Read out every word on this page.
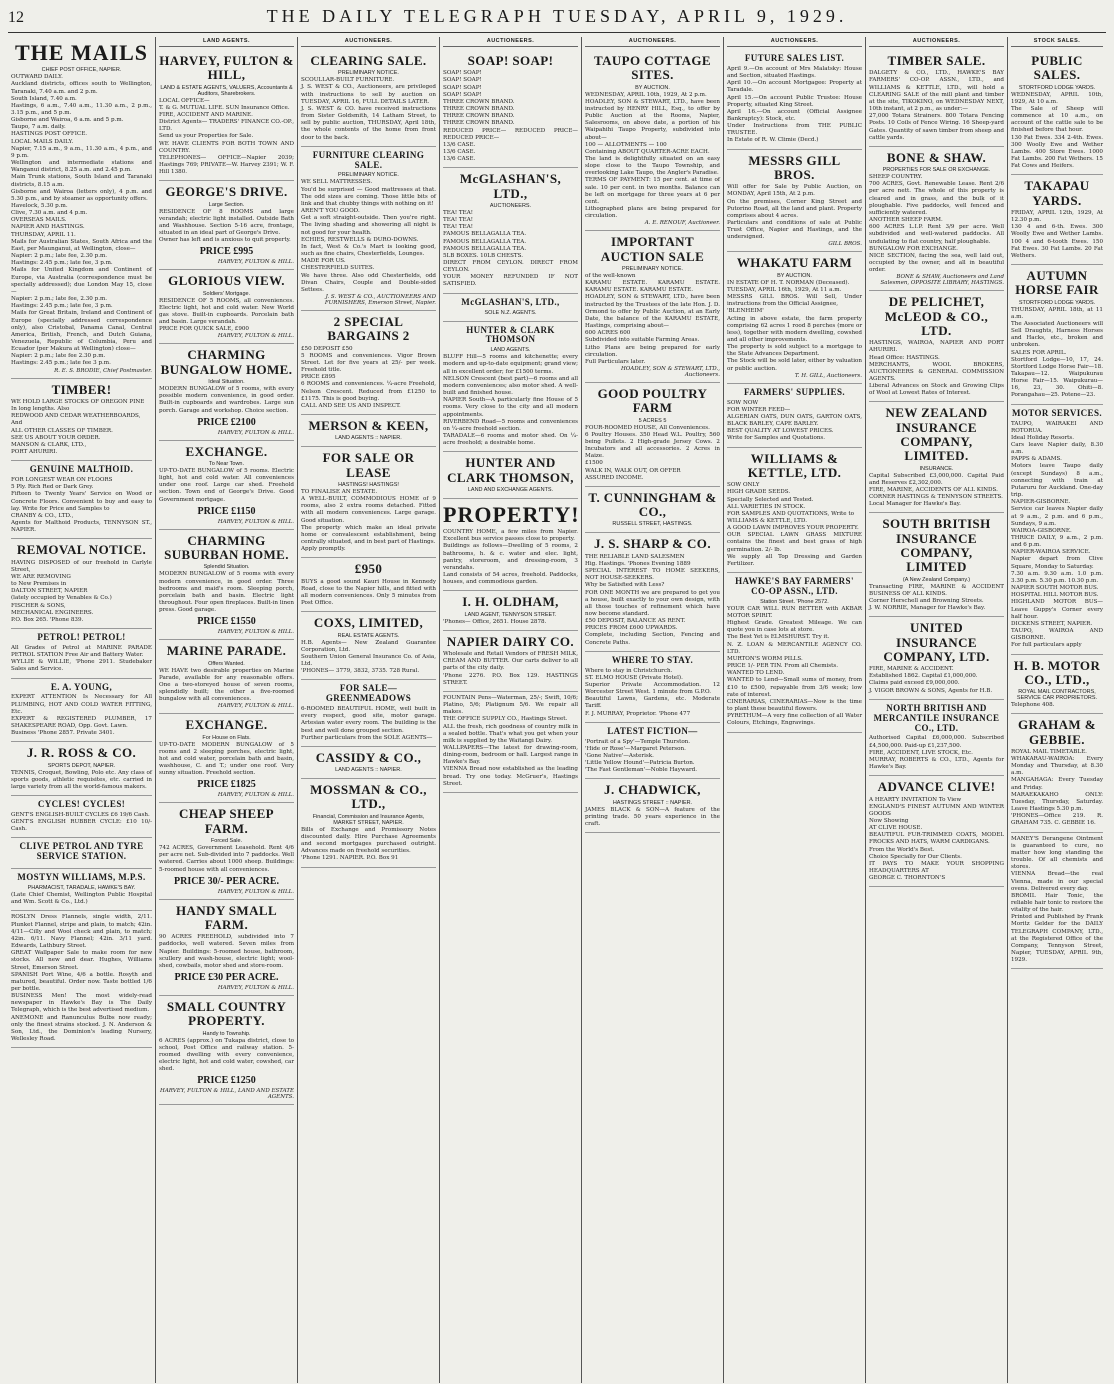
12	THE DAILY TELEGRAPH TUESDAY, APRIL 9, 1929.
THE MAILS
CHIEF POST OFFICE, NAPIER.

OUTWARD DAILY.

Auckland districts, offices south to Wellington, Taranaki, 7.40 a.m. and 2 p.m.

South Island, 7.40 a.m.

Hastings, 6 a.m., 7.40 a.m., 11.30 a.m., 2 p.m., 3.15 p.m., and 5 p.m.

Gisborne and Wairoa, 6 a.m. and 5 p.m.

Taupo, 7 a.m. daily.

HASTINGS POST OFFICE.

LOCAL MAILS DAILY.

Napier, 7.15 a.m., 9 a.m., 11.30 a.m., 4 p.m., and 9 p.m.

Wellington and intermediate stations and Wanganui district, 8.25 a.m. and 2.45 p.m.

Main Trunk stations, South Island and Taranaki districts, 8.15 a.m.

Gisborne and Wairoa (letters only), 4 p.m. and 5.30 p.m., and by steamer as opportunity offers.

Havelock, 5.30 p.m.

Clive, 7.30 a.m. and 4 p.m.

OVERSEAS MAILS.

NAPIER AND HASTINGS.

THURSDAY, APRIL 11.

Mails for Australian States, South Africa and the East, per Maunganui, at Wellington, close—

Napier: 2 p.m.; late fee, 2.30 p.m.

Hastings: 2.45 p.m.; late fee, 3 p.m.

Mails for United Kingdom and Continent of Europe, via Australia (correspondence must be specially addressed); due London May 15, close—

Napier: 2 p.m.; late fee, 2.30 p.m.

Hastings: 2.45 p.m.; late fee, 3 p.m.

Mails for Great Britain, Ireland and Continent of Europe (specially addressed correspondence only), also Cristobal, Panama Canal, Central America, British, French, and Dutch Guiana, Venezuela, Republic of Columbia, Peru and Ecuador (per Makura at Wellington) close—

Napier: 2 p.m.; late fee 2.30 p.m.

Hastings: 2.45 p.m.; late fee 3 p.m.

R. E. S. BRODIE, Chief Postmaster.
TIMBER!

WE HOLD LARGE STOCKS OF OREGON PINE

In long lengths. Also

REDWOOD AND CEDAR WEATHERBOARDS,

And

ALL OTHER CLASSES OF TIMBER.

SEE US ABOUT YOUR ORDER.

MANSON & CLARK, LTD.,

PORT AHURIRI.

GENUINE MALTHOID.

FOR LONGEST WEAR ON FLOORS

5 Ply. Rich Red or Dark Grey.

Fifteen to Twenty Years' Service on Wood or Concrete Floors. Convenient to buy and easy to lay. Write for Price and Samples to

CRANBY & CO., LTD.,

Agents for Malthoid Products, TENNYSON ST., NAPIER.

REMOVAL NOTICE.

HAVING DISPOSED of our freehold in Carlyle Street,

WE ARE REMOVING

to New Premises in

DALTON STREET, NAPIER

(lately occupied by Venables & Co.)

FISCHER & SONS,

MECHANICAL ENGINEERS.

P.O. Box 265. 'Phone 839.

PETROL! PETROL!

All Grades of Petrol at MARINE PARADE PETROL STATION Free Air and Battery Water.

WYLLIE & WILLIE, 'Phone 2911. Studebaker Sales and Service.

E. A. YOUNG,

EXPERT ATTENTION Is Necessary for All PLUMBING, HOT AND COLD WATER FITTING, Etc.

EXPERT & REGISTERED PLUMBER, 17 SHAKESPEARE ROAD, Opp. Govt. Lawn.

Business 'Phone 2857. Private 3401.

J. R. ROSS & CO.
SPORTS DEPOT, NAPIER.

TENNIS, Croquet, Bowling, Polo etc. Any class of sports goods, athletic requisites, etc. carried in large variety from all the world-famous makers.

CYCLES! CYCLES!

GENT'S ENGLISH-BUILT CYCLES £6 19/6 Cash.

GENT'S ENGLISH RUBBER CYCLE: £10 10/- Cash.

CLIVE PETROL AND TYRE SERVICE STATION.
MOSTYN WILLIAMS, M.P.S.
PHARMACIST, TARADALE, HAWKE'S BAY.

(Late Chief Chemist, Wellington Public Hospital and Wm. Scott & Co., Ltd.)

ROSLYN Dress Flannels, single width, 2/11. Plunket Flannel, stripe and plain, to match; 42in. 4/11—Cilly and Wool check and plain, to match; 42in. 6/11. Navy Flannel; 42in. 3/11 yard. Edwards, Lathbury Street.

GREAT Wallpaper Sale to make room for new stocks. All new and dear. Hughes, Williams Street, Emerson Street.

SPANISH Port Wine, 4/6 a bottle. Rosyth and matured, beautiful. Order now. Taste bottled 1/6 per bottle.

BUSINESS Men! The most widely-read newspaper in Hawke's Bay is The Daily Telegraph, which is the best advertised medium.

ANEMONE and Ranunculus Bulbs now ready; only the finest strains stocked. J. N. Anderson & Son, Ltd., the Dominion's leading Nursery, Wellesley Road.

LAND AGENTS.
HARVEY, FULTON & HILL,
LAND & ESTATE AGENTS, VALUERS, Accountants & Auditors, Sharebrokers.

LOCAL OFFICE—

T. & G. MUTUAL LIFE. SUN Insurance Office.

FIRE, ACCIDENT AND MARINE.

District Agents— TRADERS' FINANCE CO.-OP., LTD.

Send us your Properties for Sale.

WE HAVE CLIENTS FOR BOTH TOWN AND COUNTRY.

TELEPHONES— OFFICE—Napier 2039; Hastings 769; PRIVATE—W. Harvey 2391; W. F. Hill 1380.

GEORGE'S DRIVE.
Large Section.

RESIDENCE OF 8 ROOMS and large verandah; electric light installed. Outside Bath and Washhouse. Section 5-16 acre, frontage, situated in an ideal part of George's Drive.

Owner has left and is anxious to quit property.

PRICE £995
HARVEY, FULTON & HILL.
GLORIOUS VIEW.
Soldiers' Mortgage.

RESIDENCE OF 5 ROOMS, all conveniences. Electric light, hot and cold water. New World gas stove. Built-in cupboards. Porcelain bath and basin. Large verandah.

PRICE FOR QUICK SALE, £900

HARVEY, FULTON & HILL.
CHARMING BUNGALOW HOME.
Ideal Situation.

MODERN BUNGALOW of 5 rooms, with every possible modern convenience, in good order. Built-in cupboards and wardrobes. Large sun porch. Garage and workshop. Choice section.

PRICE £2100
HARVEY, FULTON & HILL.
EXCHANGE.
To Near Town.

UP-TO-DATE BUNGALOW of 5 rooms. Electric light, hot and cold water. All conveniences under one roof. Large car shed. Freehold section. Town end of George's Drive. Good Government mortgage.

PRICE £1150
HARVEY, FULTON & HILL.
CHARMING SUBURBAN HOME.
Splendid Situation.

MODERN BUNGALOW of 5 rooms with every modern convenience, in good order. Three bedrooms and maid's room. Sleeping porch, porcelain bath and basin. Electric light throughout. Four open fireplaces. Built-in linen press. Good garage.

PRICE £1550
HARVEY, FULTON & HILL.
MARINE PARADE.
Offers Wanted.

WE HAVE two desirable properties on Marine Parade, available for any reasonable offers. One a two-storeyed house of seven rooms, splendidly built; the other a five-roomed bungalow with all conveniences.

HARVEY, FULTON & HILL.
EXCHANGE.
For House on Flats.

UP-TO-DATE MODERN BUNGALOW of 5 rooms and 2 sleeping porches, electric light, hot and cold water, porcelain bath and basin, washhouse, C. and T.; under one roof. Very sunny situation. Freehold section.

PRICE £1825
HARVEY, FULTON & HILL.
CHEAP SHEEP FARM.
Forced Sale.

742 ACRES, Government Leasehold. Rent 4/6 per acre net. Sub-divided into 7 paddocks. Well watered. Carries about 1000 sheep. Buildings: 5-roomed house with all conveniences.

PRICE 30/- PER ACRE.
HARVEY, FULTON & HILL.
HANDY SMALL FARM.

90 ACRES FREEHOLD, subdivided into 7 paddocks, well watered. Seven miles from Napier. Buildings: 5-roomed house, bathroom, scullery and wash-house, electric light; wool-shed, cowbails, motor shed and store-room.

PRICE £30 PER ACRE.
HARVEY, FULTON & HILL.
SMALL COUNTRY PROPERTY.
Handy to Township.

6 ACRES (approx.) on Tukapa district, close to school, Post Office and railway station. 5-roomed dwelling with every convenience, electric light, hot and cold water, cowshed, car shed.

PRICE £1250
HARVEY, FULTON & HILL, LAND AND ESTATE AGENTS.
AUCTIONEERS.
CLEARING SALE.
PRELIMINARY NOTICE.

SCOULLAR-BUILT FURNITURE.

J. S. WEST & CO., Auctioneers, are privileged with instructions to sell by auction on TUESDAY, APRIL 16, FULL DETAILS LATER.

J. S. WEST & CO. have received instructions from Sister Goldsmith, 14 Latham Street, to sell by public auction, THURSDAY, April 18th, the whole contents of the home from front door to the back.

FURNITURE CLEARING SALE.
PRELIMINARY NOTICE.

WE SELL MATTRESSES.

You'd be surprised — Good mattresses at that. The odd sizes are coming. Those little bits of link and that chubby things with nothing on it!

AREN'T YOU GOOD.

Get a soft straight-outside. Then you're right. The living shading and showering all night is not good for your health.

ECHIES, RESTWELLS & DURO-DOWNS.

In fact, West & Co.'s Mart is looking good, such as fine chairs, Chesterfields, Lounges.

MADE FOR US.

CHESTERFIELD SUITES.

We have three. Also odd Chesterfields, odd Divan Chairs, Couple and Double-sided Settees.

J. S. WEST & CO., AUCTIONEERS AND FURNISHERS, Emerson Street, Napier.
2 SPECIAL BARGAINS 2

£50 DEPOSIT £50

5 ROOMS and conveniences. Vigor Brown Street. Let for five years at 25/- per week. Freehold title.

PRICE £895

6 ROOMS and conveniences. ¼-acre Freehold, Nelson Crescent. Reduced from £1250 to £1175. This is good buying.

CALL AND SEE US AND INSPECT.

MERSON & KEEN,
LAND AGENTS :: NAPIER.
FOR SALE OR LEASE
HASTINGS! HASTINGS!

TO FINALISE AN ESTATE.

A WELL-BUILT, COMMODIOUS HOME of 9 rooms, also 2 extra rooms detached. Fitted with all modern conveniences. Large garage. Good situation.

The property which make an ideal private home or convalescent establishment, being centrally situated, and in best part of Hastings.

Apply promptly.

£950

BUYS a good sound Kauri House in Kennedy Road, close to the Napier hills, and fitted with all modern conveniences. Only 5 minutes from Post Office.

COXS, LIMITED,
REAL ESTATE AGENTS.

H.B. Agents— New Zealand Guarantee Corporation, Ltd.

Southern Union General Insurance Co. of Asia, Ltd.

'PHONES— 3779, 3832, 3735. 728 Rural.

FOR SALE—GREENMEADOWS

6-ROOMED BEAUTIFUL HOME, well built in every respect, good site, motor garage. Artesian water every room. The building is the best and well done grouped section.

Further particulars from the SOLE AGENTS—

CASSIDY & CO.,
LAND AGENTS :: NAPIER.
MOSSMAN & CO., LTD.,
Financial, Commission and Insurance Agents, MARKET STREET, NAPIER.

Bills of Exchange and Promissory Notes discounted daily. Hire Purchase Agreements and second mortgages purchased outright. Advances made on freehold securities.

'Phone 1291. NAPIER. P.O. Box 91

AUCTIONEERS.
SOAP! SOAP!

SOAP! SOAP!

SOAP! SOAP!

SOAP! SOAP!

SOAP! SOAP!

THREE CROWN BRAND.

THREE CROWN BRAND.

THREE CROWN BRAND.

THREE CROWN BRAND.

REDUCED PRICE— REDUCED PRICE— REDUCED PRICE—

13/6 CASE.

13/6 CASE.

13/6 CASE.

McGLASHAN'S, LTD.,
AUCTIONEERS.

TEA! TEA!

TEA! TEA!

TEA! TEA!

FAMOUS BELLAGALLA TEA.

FAMOUS BELLAGALLA TEA.

FAMOUS BELLAGALLA TEA.

5LB BOXES. 10LB CHESTS.

DIRECT FROM CEYLON. DIRECT FROM CEYLON.

YOUR MONEY REFUNDED IF NOT SATISFIED.

McGLASHAN'S, LTD.,
SOLE N.Z. AGENTS.
HUNTER & CLARK THOMSON
LAND AGENTS.

BLUFF Hill—5 rooms and kitchenette; every modern and up-to-date equipment; grand view; all in excellent order; for £1500 terms.

NELSON Crescent (best part)—6 rooms and all modern conveniences; also motor shed. A well-built and finished house.

NAPIER South—A particularly fine House of 5 rooms. Very close to the city and all modern appointments.

RIVERBEND Road—5 rooms and conveniences on ¼-acre freehold section.

TARADALE—6 rooms and motor shed. On ¼-acre freehold; a desirable home.

HUNTER AND CLARK THOMSON,
LAND AND EXCHANGE AGENTS.
PROPERTY!

COUNTRY HOME, a few miles from Napier. Excellent bus service passes close to property.

Buildings as follows—Dwelling of 5 rooms, 2 bathrooms, h. & c. water and elec. light, pantry, storeroom, and dressing-room, 3 verandahs.

Land consists of 54 acres, freehold. Paddocks, houses, and commodious garden.

I. H. OLDHAM,
LAND AGENT, TENNYSON STREET.

'Phones— Office, 2651. House 2878.

NAPIER DAIRY CO.

Wholesale and Retail Vendors of FRESH MILK, CREAM AND BUTTER. Our carts deliver to all parts of the city daily.

'Phone 2276. P.O. Box 129. HASTINGS STREET.

FOUNTAIN Pens—Waterman, 25/-; Swift, 10/6; Platino, 5/6; Platignum 5/6. We repair all makes.

THE OFFICE SUPPLY CO., Hastings Street.

ALL the fresh, rich goodness of country milk in a sealed bottle. That's what you get when your milk is supplied by the Waitangi Dairy.

WALLPAPERS—The latest for drawing-room, dining-room, bedroom or hall. Largest range in Hawke's Bay.

VIENNA Bread now established as the leading bread. Try one today. McGruer's, Hastings Street.

AUCTIONEERS.
TAUPO COTTAGE SITES.
BY AUCTION.

WEDNESDAY, APRIL 10th, 1929, At 2 p.m.

HOADLEY, SON & STEWART, LTD., have been instructed by HENRY HILL, Esq., to offer by Public Auction at the Rooms, Napier, Salesrooms, on above date, a portion of his Waipahihi Taupo Property, subdivided into about—

100 — ALLOTMENTS — 100

Containing ABOUT QUARTER-ACRE EACH.

The land is delightfully situated on an easy slope close to the Taupo Township, and overlooking Lake Taupo, the Angler's Paradise.

TERMS OF PAYMENT: 15 per cent. at time of sale. 10 per cent. in two months. Balance can be left on mortgage for three years at 6 per cent.

Lithographed plans are being prepared for circulation.

A. E. RENOUF, Auctioneer.
IMPORTANT AUCTION SALE
PRELIMINARY NOTICE.

of the well-known

KARAMU ESTATE. KARAMU ESTATE. KARAMU ESTATE. KARAMU ESTATE.

HOADLEY, SON & STEWART, LTD., have been instructed by the Trustees of the late Hon. J. D. Ormond to offer by Public Auction, at an Early Date, the balance of the KARAMU ESTATE, Hastings, comprising about—

600 ACRES 600

Subdivided into suitable Farming Areas.

Litho Plans are being prepared for early circulation.

Full Particulars later.

HOADLEY, SON & STEWART, LTD., Auctioneers.
GOOD POULTRY FARM
5 ACRES 5

FOUR-ROOMED HOUSE, All Conveniences.

6 Poultry Houses. 350 Head W.L. Poultry, 560 being Pullets. 2 High-grade Jersey Cows. 2 Incubators and all accessories. 2 Acres in Maize.

£1500

WALK IN, WALK OUT, OR OFFER

ASSURED INCOME.

T. CUNNINGHAM & CO.,
RUSSELL STREET, HASTINGS.
J. S. SHARP & CO.

THE RELIABLE LAND SALESMEN

Hig. Hastings. 'Phones Evening 1889

SPECIAL INTEREST TO HOME SEEKERS, NOT HOUSE-SEEKERS.

Why be Satisfied with Less?

FOR ONE MONTH we are prepared to get you a house, built exactly to your own design, with all those touches of refinement which have now become standard.

£50 DEPOSIT, BALANCE AS RENT.

PRICES FROM £600 UPWARDS.

Complete, including Section, Fencing and Concrete Paths.

WHERE TO STAY.

Where to stay in Christchurch.

ST. ELMO HOUSE (Private Hotel).

Superior Private Accommodation. 12 Worcester Street West. 1 minute from G.P.O.

Beautiful Lawns, Gardens, etc. Moderate Tariff.

F. J. MURRAY, Proprietor. 'Phone 477

LATEST FICTION—

'Portrait of a Spy'—Temple Thurston.

'Hide or Rose'—Margaret Peterson.

'Gone Native'—Asterisk.

'Little Yellow Hound'—Patricia Burton.

'The Fast Gentleman'—Noble Hayward.

J. CHADWICK,
HASTINGS STREET :: NAPIER.

JAMES BLACK & SON—A feature of the printing trade. 50 years experience in the craft.

AUCTIONEERS.
FUTURE SALES LIST.

April 9.—On account of Mrs Malatsky: House and Section, situated Hastings.

April 10.—On account Mortgagee: Property at Taradale.

April 15.—On account Public Trustee: House Property, situated King Street.

April 16.—On account (Official Assignee Bankruptcy): Stock, etc.

Under Instructions from THE PUBLIC TRUSTEE.

In Estate of R. W. Climie (Decd.)

MESSRS GILL BROS.

Will offer for Sale by Public Auction, on MONDAY, April 15th, At 2 p.m.

On the premises, Corner King Street and Putorino Road, all the land and plant. Property comprises about 4 acres.

Particulars and conditions of sale at Public Trust Office, Napier and Hastings, and the undersigned.

GILL BROS.
WHAKATU FARM
BY AUCTION.

IN ESTATE OF H. T. NORMAN (Deceased).

TUESDAY, APRIL 16th, 1929, At 11 a.m.

MESSRS GILL BROS. Will Sell, Under instructions from the Official Assignee,

'BLENHEIM'

Acting in above estate, the farm property comprising 62 acres 1 rood 8 perches (more or less), together with modern dwelling, cowshed and all other improvements.

The property is sold subject to a mortgage to the State Advances Department.

The Stock will be sold later, either by valuation or public auction.

T. H. GILL, Auctioneers.
FARMERS' SUPPLIES.

SOW NOW

FOR WINTER FEED—

ALGERIAN OATS, DUN OATS, GARTON OATS, BLACK BARLEY, CAPE BARLEY.

BEST QUALITY AT LOWEST PRICES.

Write for Samples and Quotations.

WILLIAMS & KETTLE, LTD.

SOW ONLY

HIGH GRADE SEEDS.

Specially Selected and Tested.

ALL VARIETIES IN STOCK.

FOR SAMPLES AND QUOTATIONS, Write to

WILLIAMS & KETTLE, LTD.

A GOOD LAWN IMPROVES YOUR PROPERTY.

OUR SPECIAL LAWN GRASS MIXTURE contains the finest and best grass of high germination. 2/- lb.

We supply all Top Dressing and Garden Fertilizer.

HAWKE'S BAY FARMERS' CO-OP ASSN., LTD.
Station Street. 'Phone 2572.

YOUR CAR WILL RUN BETTER with AKBAR MOTOR SPIRIT.

Highest Grade. Greatest Mileage. We can quote you in case lots at store.

The Best Yet is ELMSHURST. Try it.

N. Z. LOAN & MERCANTILE AGENCY CO. LTD.

MURTON'S WORM PILLS.

PRICE 1/- PER TIN. From all Chemists.

WANTED TO LEND.

WANTED to Lend—Small sums of money, from £10 to £500, repayable from 3/6 week; low rate of interest.

CINERARIAS, CINERARIAS—Now is the time to plant these beautiful flowers.

PYRETHUM—A very fine collection of all Water Colours, Etchings, Engravings.

AUCTIONEERS.
TIMBER SALE.

DALGETY & CO., LTD., HAWKE'S BAY FARMERS' CO-OP. ASSN., LTD., and WILLIAMS & KETTLE, LTD., will hold a CLEARING SALE of the mill plant and timber at the site, TIKOKINO, on WEDNESDAY NEXT, 10th instant, at 2 p.m., as under:—

27,000 Totara Strainers. 800 Totara Fencing Posts. 10 Coils of Fence Wiring. 16 Sheep-yard Gates. Quantity of sawn timber from sheep and cattle yards.

BONE & SHAW.
PROPERTIES FOR SALE OR EXCHANGE.

SHEEP COUNTRY.

700 ACRES, Govt. Renewable Lease. Rent 2/6 per acre nett. The whole of this property is cleared and in grass, and the bulk of it ploughable. Five paddocks, well fenced and sufficiently watered.

ANOTHER SHEEP FARM.

600 ACRES L.I.P. Rent 3/9 per acre. Well subdivided and well-watered paddocks. All undulating to flat country, half ploughable.

BUNGALOW FOR EXCHANGE.

NICE SECTION, facing the sea, well laid out, occupied by the owner, and all in beautiful order.

BONE & SHAW, Auctioneers and Land Salesmen, OPPOSITE LIBRARY, HASTINGS.
DE PELICHET, McLEOD & CO., LTD.

HASTINGS, WAIROA, NAPIER AND PORT AHURIRI.

Head Office: HASTINGS.

MERCHANTS, WOOL BROKERS, AUCTIONEERS & GENERAL COMMISSION AGENTS.

Liberal Advances on Stock and Growing Clips of Wool at Lowest Rates of Interest.

NEW ZEALAND INSURANCE COMPANY, LIMITED.
INSURANCE.

Capital Subscribed £3,000,000. Capital Paid and Reserves £2,302,000.

FIRE, MARINE, ACCIDENTS OF ALL KINDS.

CORNER HASTINGS & TENNYSON STREETS.

Local Manager for Hawke's Bay.

SOUTH BRITISH INSURANCE COMPANY, LIMITED
(A New Zealand Company.)

Transacting FIRE, MARINE & ACCIDENT BUSINESS OF ALL KINDS.

Corner Herschell and Browning Streets.

J. W. NORRIE, Manager for Hawke's Bay.

UNITED INSURANCE COMPANY, LTD.

FIRE, MARINE & ACCIDENT.

Established 1862. Capital £1,000,000.

Claims paid exceed £9,000,000.

J. VIGOR BROWN & SONS, Agents for H.B.

NORTH BRITISH AND MERCANTILE INSURANCE CO., LTD.

Authorised Capital £6,000,000. Subscribed £4,500,000. Paid-up £1,237,500.

FIRE, ACCIDENT, LIVE STOCK, Etc.

MURRAY, ROBERTS & CO., LTD., Agents for Hawke's Bay.

ADVANCE CLIVE!

A HEARTY INVITATION To View

ENGLAND'S FINEST AUTUMN AND WINTER GOODS

Now Showing

AT CLIVE HOUSE.

BEAUTIFUL FUR-TRIMMED COATS, MODEL FROCKS AND HATS, WARM CARDIGANS.

From the World's Best.

Choice Specially for Our Clients.

IT PAYS TO MAKE YOUR SHOPPING HEADQUARTERS AT

GEORGE C. THORNTON'S

STOCK SALES.
PUBLIC SALES.
STORTFORD LODGE YARDS.

WEDNESDAY, APRIL 10th, 1929, At 10 a.m.

The Sale of Sheep will commence at 10 a.m., on account of the cattle sale to be finished before that hour.

130 Fat Ewes. 334 2-4th. Ewes. 300 Woolly Ewe and Wether Lambs. 400 Store Ewes. 1000 Fat Lambs. 200 Fat Wethers. 15 Fat Cows and Heifers.

TAKAPAU YARDS.

FRIDAY, APRIL 12th, 1929, At 12.30 p.m.

130 4 and 6-th. Ewes. 300 Woolly Ewe and Wether Lambs. 100 4 and 6-tooth Ewes. 150 Fat Ewes. 30 Fat Lambs. 20 Fat Wethers.

AUTUMN HORSE FAIR
STORTFORD LODGE YARDS.

THURSDAY, APRIL 18th, at 11 a.m.

The Associated Auctioneers will Sell Draughts, Harness Horses and Hacks, etc., broken and unbroken.

SALES FOR APRIL.

Stortford Lodge—10, 17, 24. Stortford Lodge Horse Fair—18. Takapau—12. Waipukurau Horse Fair—15. Waipukurau—16, 23, 30. Ohiti—8. Porangahau—25. Potene—23.

MOTOR SERVICES.

TAUPO, WAIRAKEI AND ROTORUA.

Ideal Holiday Resorts.

Cars leave Napier daily, 8.30 a.m.

PAPPS & ADAMS.

Motors leave Taupo daily (except Sundays) 8 a.m., connecting with train at Putaruru for Auckland. One-day trip.

NAPIER-GISBORNE.

Service car leaves Napier daily at 9 a.m., 2 p.m. and 6 p.m., Sundays, 9 a.m.

WAIROA-GISBORNE.

THRICE DAILY, 9 a.m., 2 p.m. and 6 p.m.

NAPIER-WAIROA SERVICE.

Napier depart from Clive Square, Monday to Saturday.

7.30 a.m. 9.30 a.m. 1.0 p.m. 3.30 p.m. 5.30 p.m. 10.30 p.m.

NAPIER SOUTH MOTOR BUS.

HOSPITAL HILL MOTOR BUS.

HIGHLAND MOTOR BUS—Leave Guppy's Corner every half hour.

DICKENS STREET, NAPIER.

TAUPO, WAIROA AND GISBORNE.

For full particulars apply

H. B. MOTOR CO., LTD.,
ROYAL MAIL CONTRACTORS, SERVICE CAR PROPRIETORS.

Telephone 408.

GRAHAM & GEBBIE.

ROYAL MAIL TIMETABLE.

WHAKARAU-WAIROA: Every Monday and Thursday, at 8.30 a.m.

MANGAHAGA: Every Tuesday and Friday.

MARAEKAKAHO ONLY: Tuesday, Thursday, Saturday. Leave Hastings 5.30 p.m.

'PHONES—Office 219. R. GRAHAM 735. C. GEBBIE 16.

MANEY'S Derangene Ointment is guaranteed to cure, no matter how long standing the trouble. Of all chemists and stores.

VIENNA Bread—the real Vienna, made in our special ovens. Delivered every day.

BROMIL Hair Tonic, the reliable hair tonic to restore the vitality of the hair.

Printed and Published by Frank Moritz Gelder for the DAILY TELEGRAPH COMPANY, LTD., at the Registered Office of the Company, Tennyson Street, Napier, TUESDAY, APRIL 9th, 1929.
